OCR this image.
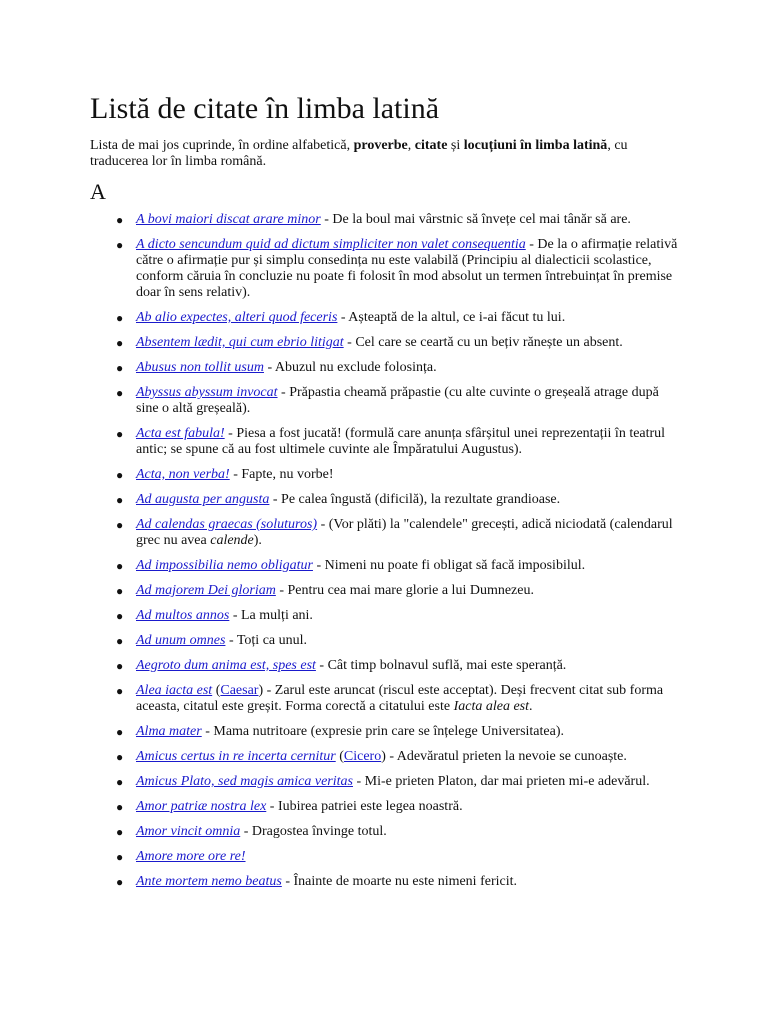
Listă de citate în limba latină

Lista de mai jos cuprinde, în ordine alfabetică, proverbe, citate și locuțiuni în limba latină, cu traducerea lor în limba română.

A
● A bovi maiori discat arare minor - De la boul mai vârstnic să învețe cel mai tânăr să are.
● A dicto sencundum quid ad dictum simpliciter non valet consequentia - De la o afirmație relativă către o afirmație pur și simplu consedința nu este valabilă (Principiu al dialecticii scolastice, conform căruia în concluzie nu poate fi folosit în mod absolut un termen întrebuințat în premise doar în sens relativ).
● Ab alio expectes, alteri quod feceris - Așteaptă de la altul, ce i-ai făcut tu lui.
● Absentem lædit, qui cum ebrio litigat - Cel care se ceartă cu un bețiv rănește un absent.
● Abusus non tollit usum - Abuzul nu exclude folosința.
● Abyssus abyssum invocat - Prăpastia cheamă prăpastie (cu alte cuvinte o greșeală atrage după sine o altă greșeală).
● Acta est fabula! - Piesa a fost jucată! (formulă care anunța sfârșitul unei reprezentații în teatrul antic; se spune că au fost ultimele cuvinte ale Împăratului Augustus).
● Acta, non verba! - Fapte, nu vorbe!
● Ad augusta per angusta - Pe calea îngustă (dificilă), la rezultate grandioase.
● Ad calendas graecas (soluturos) - (Vor plăti) la "calendele" grecești, adică niciodată (calendarul grec nu avea calende).
● Ad impossibilia nemo obligatur - Nimeni nu poate fi obligat să facă imposibilul.
● Ad majorem Dei gloriam - Pentru cea mai mare glorie a lui Dumnezeu.
● Ad multos annos - La mulți ani.
● Ad unum omnes - Toți ca unul.
● Aegroto dum anima est, spes est - Cât timp bolnavul suflă, mai este speranță.
● Alea iacta est (Caesar) - Zarul este aruncat (riscul este acceptat). Deși frecvent citat sub forma aceasta, citatul este greșit. Forma corectă a citatului este Iacta alea est.
● Alma mater - Mama nutritoare (expresie prin care se înțelege Universitatea).
● Amicus certus in re incerta cernitur (Cicero) - Adevăratul prieten la nevoie se cunoaște.
● Amicus Plato, sed magis amica veritas - Mi-e prieten Platon, dar mai prieten mi-e adevărul.
● Amor patriæ nostra lex - Iubirea patriei este legea noastră.
● Amor vincit omnia - Dragostea învinge totul.
● Amore more ore re!
● Ante mortem nemo beatus - Înainte de moarte nu este nimeni fericit.
